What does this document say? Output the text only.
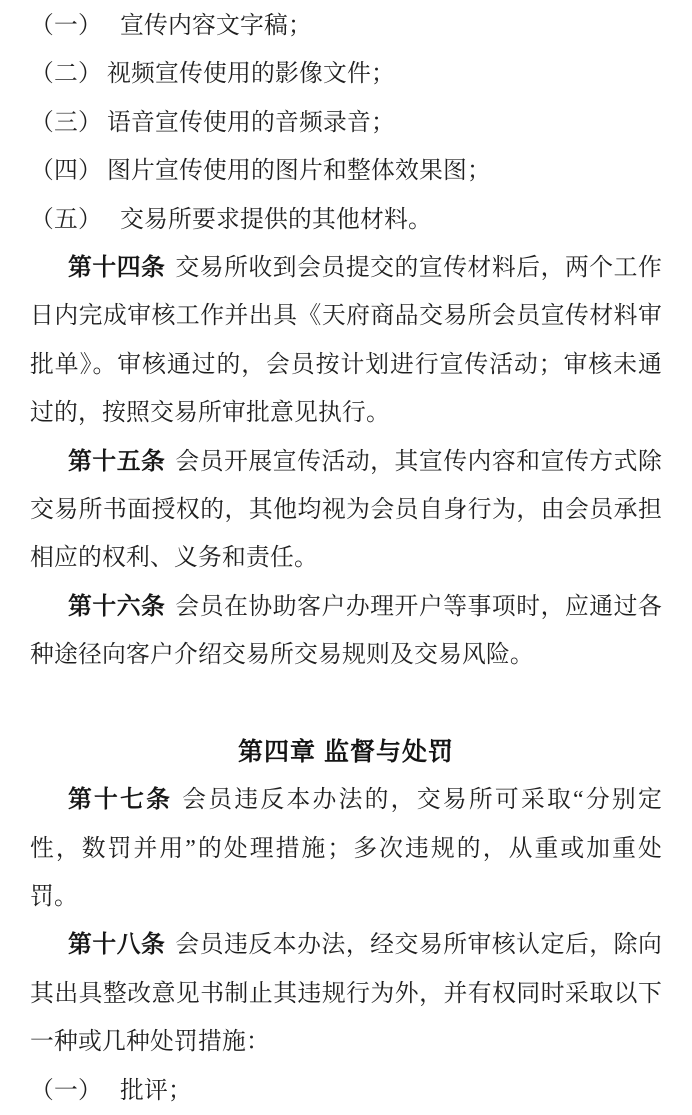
（一） 宣传内容文字稿；

（二） 视频宣传使用的影像文件；

（三） 语音宣传使用的音频录音；

（四） 图片宣传使用的图片和整体效果图；

（五） 交易所要求提供的其他材料。

第十四条 交易所收到会员提交的宣传材料后，两个工作日内完成审核工作并出具《天府商品交易所会员宣传材料审批单》。审核通过的，会员按计划进行宣传活动；审核未通过的，按照交易所审批意见执行。

第十五条 会员开展宣传活动，其宣传内容和宣传方式除交易所书面授权的，其他均视为会员自身行为，由会员承担相应的权利、义务和责任。

第十六条 会员在协助客户办理开户等事项时，应通过各种途径向客户介绍交易所交易规则及交易风险。

第四章 监督与处罚

第十七条 会员违反本办法的，交易所可采取“分别定性，数罚并用”的处理措施；多次违规的，从重或加重处罚。

第十八条 会员违反本办法，经交易所审核认定后，除向其出具整改意见书制止其违规行为外，并有权同时采取以下一种或几种处罚措施：

（一） 批评；
